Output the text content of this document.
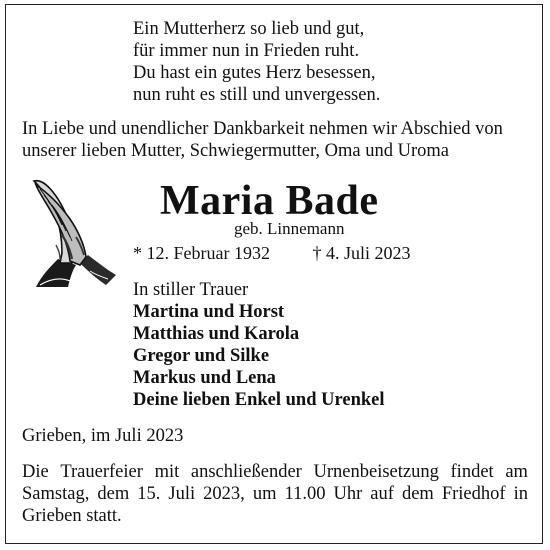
Ein Mutterherz so lieb und gut,
für immer nun in Frieden ruht.
Du hast ein gutes Herz besessen,
nun ruht es still und unvergessen.
In Liebe und unendlicher Dankbarkeit nehmen wir Abschied von
unserer lieben Mutter, Schwiegermutter, Oma und Uroma
Maria Bade
geb. Linnemann
* 12. Februar 1932 † 4. Juli 2023
In stiller Trauer
Martina und Horst
Matthias und Karola
Gregor und Silke
Markus und Lena
Deine lieben Enkel und Urenkel
Grieben, im Juli 2023
Die Trauerfeier mit anschließender Urnenbeisetzung findet am
Samstag, dem 15. Juli 2023, um 11.00 Uhr auf dem Friedhof in
Grieben statt.
